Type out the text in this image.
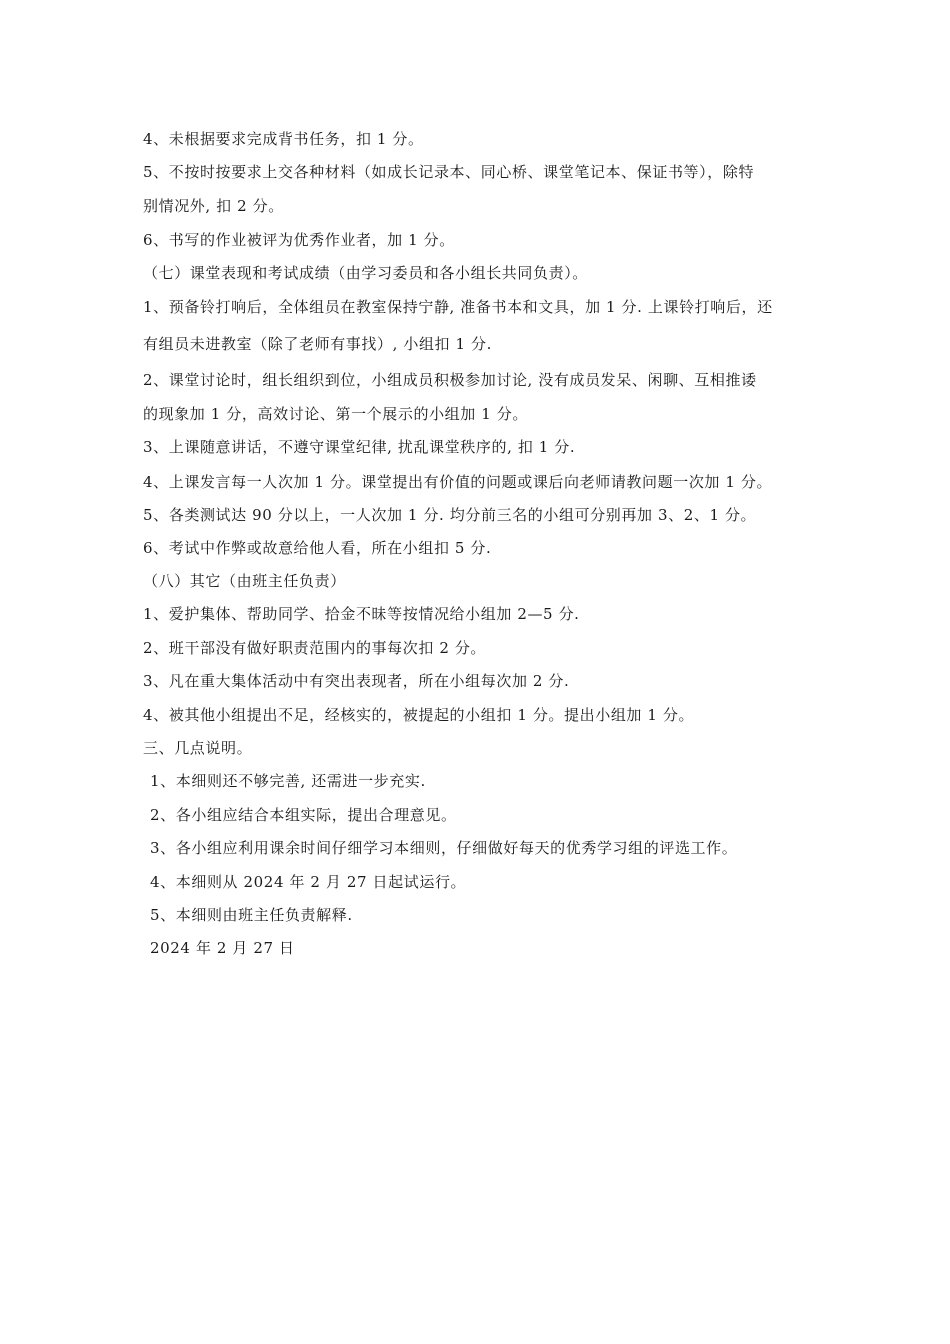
4、未根据要求完成背书任务，扣 1 分。
5、不按时按要求上交各种材料（如成长记录本、同心桥、课堂笔记本、保证书等），除特
别情况外, 扣 2 分。
6、书写的作业被评为优秀作业者，加 1 分。
（七）课堂表现和考试成绩（由学习委员和各小组长共同负责）。
1、预备铃打响后，全体组员在教室保持宁静, 准备书本和文具，加 1 分. 上课铃打响后，还
有组员未进教室（除了老师有事找）, 小组扣 1 分.
2、课堂讨论时，组长组织到位，小组成员积极参加讨论, 没有成员发呆、闲聊、互相推诿
的现象加 1 分，高效讨论、第一个展示的小组加 1 分。
3、上课随意讲话，不遵守课堂纪律, 扰乱课堂秩序的, 扣 1 分.
4、上课发言每一人次加 1 分。课堂提出有价值的问题或课后向老师请教问题一次加 1 分。
5、各类测试达 90 分以上，一人次加 1 分. 均分前三名的小组可分别再加 3、2、1 分。
6、考试中作弊或故意给他人看，所在小组扣 5 分.
（八）其它（由班主任负责）
1、爱护集体、帮助同学、拾金不昧等按情况给小组加 2—5 分.
2、班干部没有做好职责范围内的事每次扣 2 分。
3、凡在重大集体活动中有突出表现者，所在小组每次加 2 分.
4、被其他小组提出不足，经核实的，被提起的小组扣 1 分。提出小组加 1 分。
三、几点说明。
1、本细则还不够完善, 还需进一步充实.
2、各小组应结合本组实际，提出合理意见。
3、各小组应利用课余时间仔细学习本细则，仔细做好每天的优秀学习组的评选工作。
4、本细则从 2024 年 2 月 27 日起试运行。
5、本细则由班主任负责解释.
2024 年 2 月 27 日
